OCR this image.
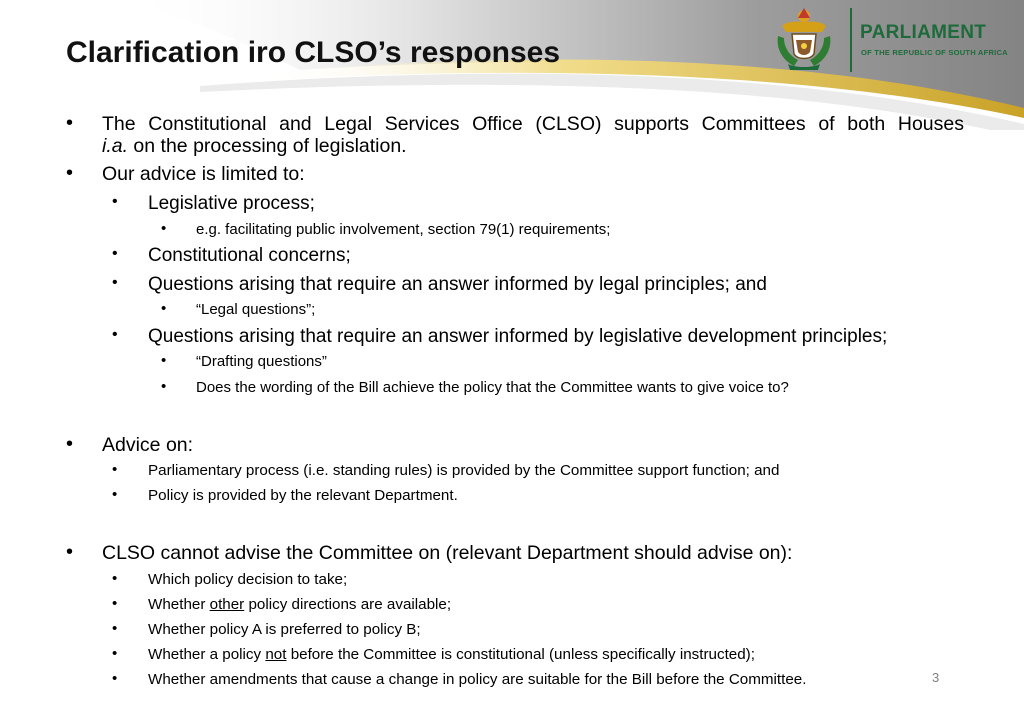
PARLIAMENT
OF THE REPUBLIC OF SOUTH AFRICA
Clarification iro CLSO’s responses
• The Constitutional and Legal Services Office (CLSO) supports Committees of both Houses
i.a. on the processing of legislation.
• Our advice is limited to:
• Legislative process;
• e.g. facilitating public involvement, section 79(1) requirements;
• Constitutional concerns;
• Questions arising that require an answer informed by legal principles; and
• “Legal questions”;
• Questions arising that require an answer informed by legislative development principles;
• “Drafting questions”
• Does the wording of the Bill achieve the policy that the Committee wants to give voice to?
• Advice on:
• Parliamentary process (i.e. standing rules) is provided by the Committee support function; and
• Policy is provided by the relevant Department.
• CLSO cannot advise the Committee on (relevant Department should advise on):
• Which policy decision to take;
• Whether other policy directions are available;
• Whether policy A is preferred to policy B;
• Whether a policy not before the Committee is constitutional (unless specifically instructed);
• Whether amendments that cause a change in policy are suitable for the Bill before the Committee.	3
